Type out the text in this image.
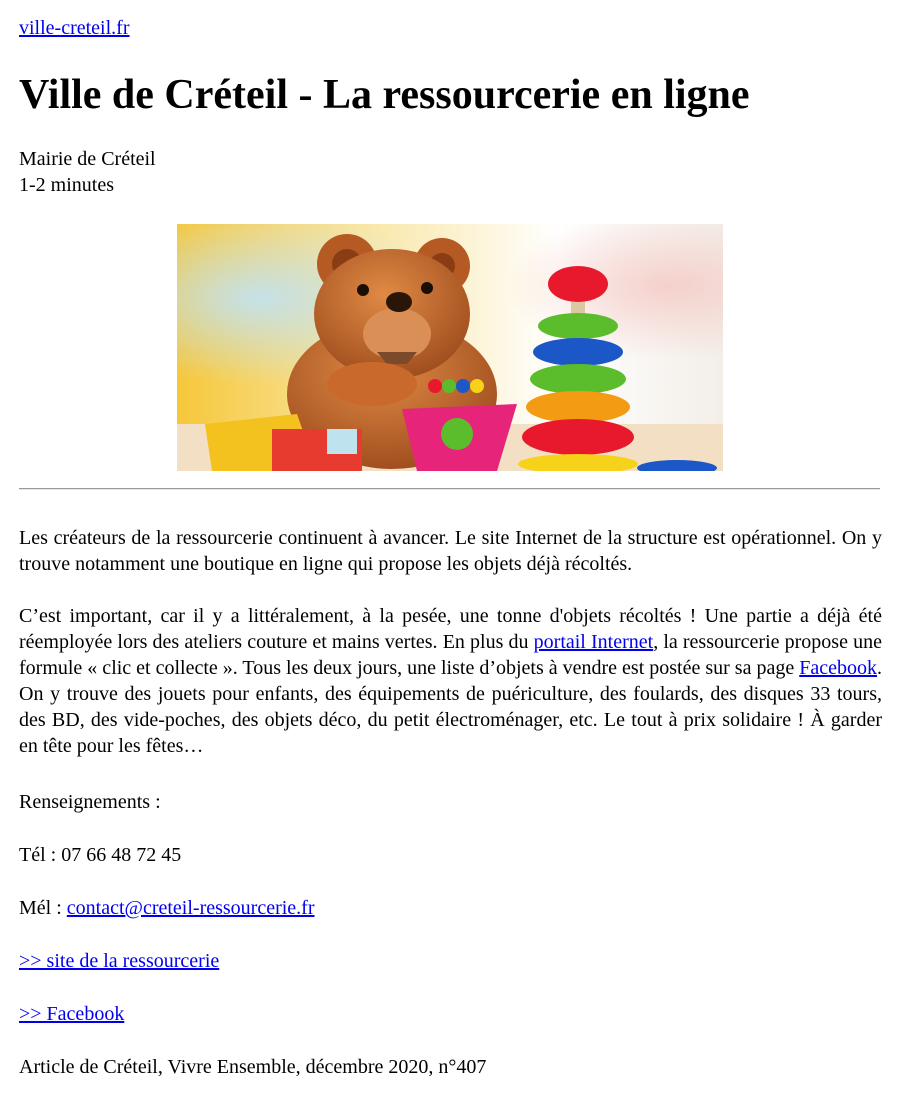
ville-creteil.fr
Ville de Créteil - La ressourcerie en ligne
Mairie de Créteil
1-2 minutes

Les créateurs de la ressourcerie continuent à avancer. Le site Internet de la structure est opérationnel. On y trouve notamment une boutique en ligne qui propose les objets déjà récoltés.

C’est important, car il y a littéralement, à la pesée, une tonne d'objets récoltés ! Une partie a déjà été réemployée lors des ateliers couture et mains vertes. En plus du portail Internet, la ressourcerie propose une formule « clic et collecte ». Tous les deux jours, une liste d’objets à vendre est postée sur sa page Facebook. On y trouve des jouets pour enfants, des équipements de puériculture, des foulards, des disques 33 tours, des BD, des vide-poches, des objets déco, du petit électroménager, etc. Le tout à prix solidaire ! À garder en tête pour les fêtes…

Renseignements :

Tél : 07 66 48 72 45

Mél : contact@creteil-ressourcerie.fr

>> site de la ressourcerie

>> Facebook

Article de Créteil, Vivre Ensemble, décembre 2020, n°407
